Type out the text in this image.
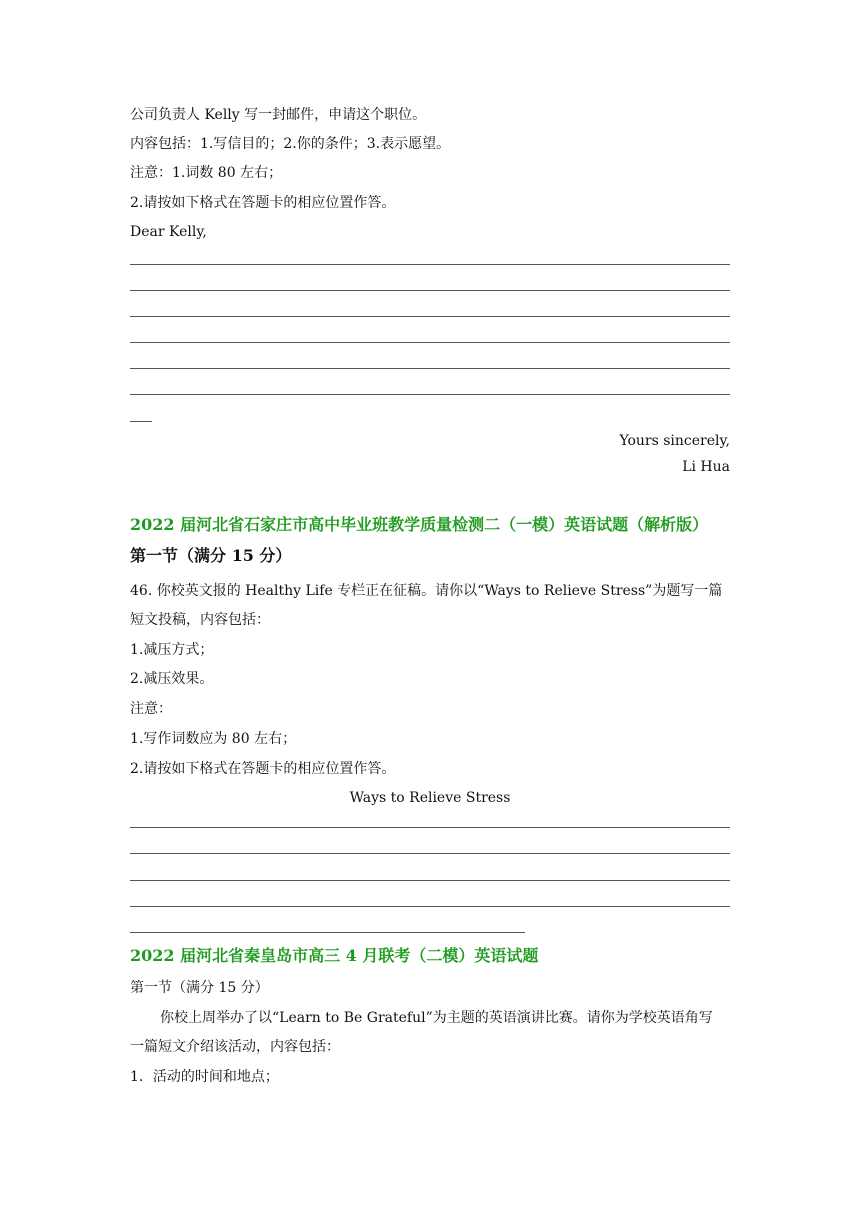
公司负责人 Kelly 写一封邮件，申请这个职位。
内容包括：1.写信目的；2.你的条件；3.表示愿望。
注意：1.词数 80 左右；
2.请按如下格式在答题卡的相应位置作答。
Dear Kelly,
Yours sincerely,
Li Hua
2022 届河北省石家庄市高中毕业班教学质量检测二（一模）英语试题（解析版）
第一节（满分 15 分）
46. 你校英文报的 Healthy Life 专栏正在征稿。请你以“Ways to Relieve Stress”为题写一篇
短文投稿，内容包括：
1.减压方式；
2.减压效果。
注意：
1.写作词数应为 80 左右；
2.请按如下格式在答题卡的相应位置作答。
Ways to Relieve Stress
2022 届河北省秦皇岛市高三 4 月联考（二模）英语试题
第一节（满分 15 分）
你校上周举办了以“Learn to Be Grateful”为主题的英语演讲比赛。请你为学校英语角写
一篇短文介绍该活动，内容包括：
1．活动的时间和地点；
